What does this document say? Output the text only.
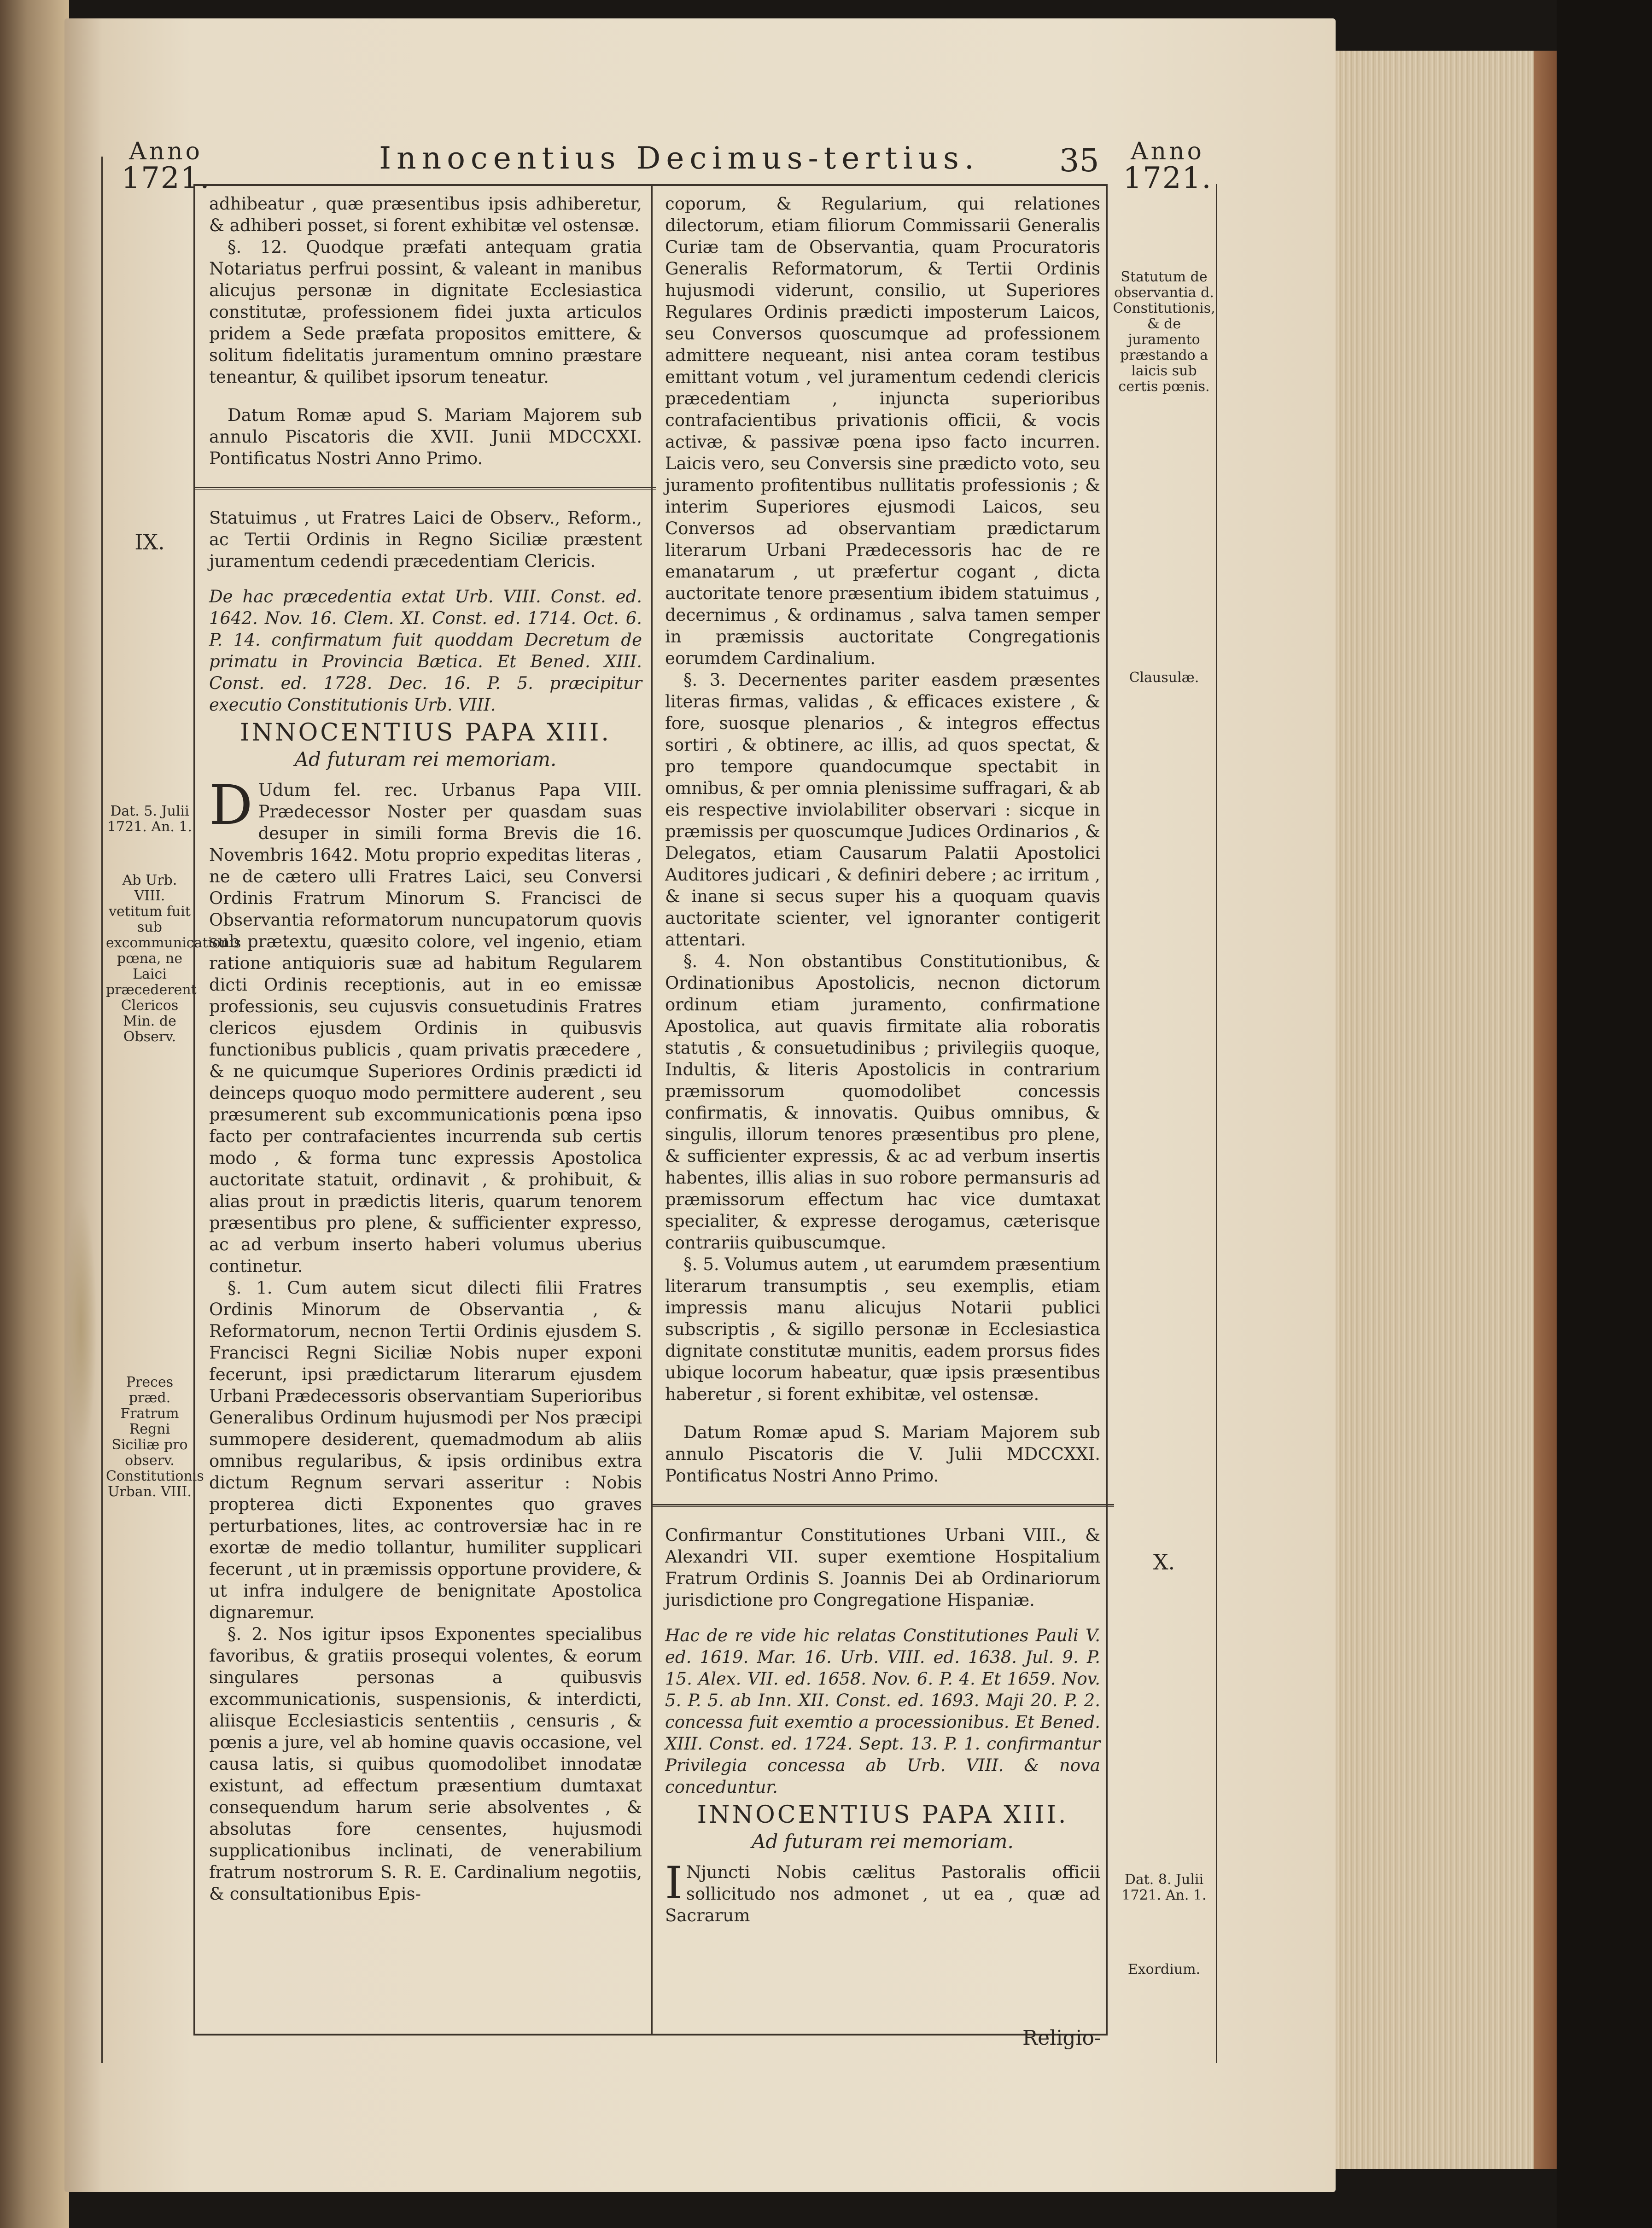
Anno
1721.
Innocentius Decimus-tertius.	35	Anno
1721.
IX.
Dat. 5. Julii 1721. An. 1.
Ab Urb. VIII. vetitum fuit sub excommunicationis pœna, ne Laici præcederent Clericos Min. de Observ.
Preces præd. Fratrum Regni Siciliæ pro observ. Constitutionis Urban. VIII.
Statutum de observantia d. Constitutionis, & de juramento præstando a laicis sub certis pœnis.
Clausulæ.
X.
Dat. 8. Julii 1721. An. 1.
Exordium.

adhibeatur , quæ præsentibus ipsis adhiberetur, & adhiberi posset, si forent exhibitæ vel ostensæ.

§. 12. Quodque præfati antequam gratia Notariatus perfrui possint, & valeant in manibus alicujus personæ in dignitate Ecclesiastica constitutæ, professionem fidei juxta articulos pridem a Sede præfata propositos emittere, & solitum fidelitatis juramentum omnino præstare teneantur, & quilibet ipsorum teneatur.

Datum Romæ apud S. Mariam Majorem sub annulo Piscatoris die XVII. Junii MDCCXXI. Pontificatus Nostri Anno Primo.

Statuimus , ut Fratres Laici de Observ., Reform., ac Tertii Ordinis in Regno Siciliæ præstent juramentum cedendi præcedentiam Clericis.

De hac præcedentia extat Urb. VIII. Const. ed. 1642. Nov. 16. Clem. XI. Const. ed. 1714. Oct. 6. P. 14. confirmatum fuit quoddam Decretum de primatu in Provincia Bætica. Et Bened. XIII. Const. ed. 1728. Dec. 16. P. 5. præcipitur executio Constitutionis Urb. VIII.

INNOCENTIUS PAPA XIII.
Ad futuram rei memoriam.

D Udum fel. rec. Urbanus Papa VIII. Prædecessor Noster per quasdam suas desuper in simili forma Brevis die 16. Novembris 1642. Motu proprio expeditas literas , ne de cætero ulli Fratres Laici, seu Conversi Ordinis Fratrum Minorum S. Francisci de Observantia reformatorum nuncupatorum quovis sub prætextu, quæsito colore, vel ingenio, etiam ratione antiquioris suæ ad habitum Regularem dicti Ordinis receptionis, aut in eo emissæ professionis, seu cujusvis consuetudinis Fratres clericos ejusdem Ordinis in quibusvis functionibus publicis , quam privatis præcedere , & ne quicumque Superiores Ordinis prædicti id deinceps quoquo modo permittere auderent , seu præsumerent sub excommunicationis pœna ipso facto per contrafacientes incurrenda sub certis modo , & forma tunc expressis Apostolica auctoritate statuit, ordinavit , & prohibuit, & alias prout in prædictis literis, quarum tenorem præsentibus pro plene, & sufficienter expresso, ac ad verbum inserto haberi volumus uberius continetur.

§. 1. Cum autem sicut dilecti filii Fratres Ordinis Minorum de Observantia , & Reformatorum, necnon Tertii Ordinis ejusdem S. Francisci Regni Siciliæ Nobis nuper exponi fecerunt, ipsi prædictarum literarum ejusdem Urbani Prædecessoris observantiam Superioribus Generalibus Ordinum hujusmodi per Nos præcipi summopere desiderent, quemadmodum ab aliis omnibus regularibus, & ipsis ordinibus extra dictum Regnum servari asseritur : Nobis propterea dicti Exponentes quo graves perturbationes, lites, ac controversiæ hac in re exortæ de medio tollantur, humiliter supplicari fecerunt , ut in præmissis opportune providere, & ut infra indulgere de benignitate Apostolica dignaremur.

§. 2. Nos igitur ipsos Exponentes specialibus favoribus, & gratiis prosequi volentes, & eorum singulares personas a quibusvis excommunicationis, suspensionis, & interdicti, aliisque Ecclesiasticis sententiis , censuris , & pœnis a jure, vel ab homine quavis occasione, vel causa latis, si quibus quomodolibet innodatæ existunt, ad effectum præsentium dumtaxat consequendum harum serie absolventes , & absolutas fore censentes, hujusmodi supplicationibus inclinati, de venerabilium fratrum nostrorum S. R. E. Cardinalium negotiis, & consultationibus Epis-

coporum, & Regularium, qui relationes dilectorum, etiam filiorum Commissarii Generalis Curiæ tam de Observantia, quam Procuratoris Generalis Reformatorum, & Tertii Ordinis hujusmodi viderunt, consilio, ut Superiores Regulares Ordinis prædicti imposterum Laicos, seu Conversos quoscumque ad professionem admittere nequeant, nisi antea coram testibus emittant votum , vel juramentum cedendi clericis præcedentiam , injuncta superioribus contrafacientibus privationis officii, & vocis activæ, & passivæ pœna ipso facto incurren. Laicis vero, seu Conversis sine prædicto voto, seu juramento profitentibus nullitatis professionis ; & interim Superiores ejusmodi Laicos, seu Conversos ad observantiam prædictarum literarum Urbani Prædecessoris hac de re emanatarum , ut præfertur cogant , dicta auctoritate tenore præsentium ibidem statuimus , decernimus , & ordinamus , salva tamen semper in præmissis auctoritate Congregationis eorumdem Cardinalium.

§. 3. Decernentes pariter easdem præsentes literas firmas, validas , & efficaces existere , & fore, suosque plenarios , & integros effectus sortiri , & obtinere, ac illis, ad quos spectat, & pro tempore quandocumque spectabit in omnibus, & per omnia plenissime suffragari, & ab eis respective inviolabiliter observari : sicque in præmissis per quoscumque Judices Ordinarios , & Delegatos, etiam Causarum Palatii Apostolici Auditores judicari , & definiri debere ; ac irritum , & inane si secus super his a quoquam quavis auctoritate scienter, vel ignoranter contigerit attentari.

§. 4. Non obstantibus Constitutionibus, & Ordinationibus Apostolicis, necnon dictorum ordinum etiam juramento, confirmatione Apostolica, aut quavis firmitate alia roboratis statutis , & consuetudinibus ; privilegiis quoque, Indultis, & literis Apostolicis in contrarium præmissorum quomodolibet concessis confirmatis, & innovatis. Quibus omnibus, & singulis, illorum tenores præsentibus pro plene, & sufficienter expressis, & ac ad verbum insertis habentes, illis alias in suo robore permansuris ad præmissorum effectum hac vice dumtaxat specialiter, & expresse derogamus, cæterisque contrariis quibuscumque.

§. 5. Volumus autem , ut earumdem præsentium literarum transumptis , seu exemplis, etiam impressis manu alicujus Notarii publici subscriptis , & sigillo personæ in Ecclesiastica dignitate constitutæ munitis, eadem prorsus fides ubique locorum habeatur, quæ ipsis præsentibus haberetur , si forent exhibitæ, vel ostensæ.

Datum Romæ apud S. Mariam Majorem sub annulo Piscatoris die V. Julii MDCCXXI. Pontificatus Nostri Anno Primo.

Confirmantur Constitutiones Urbani VIII., & Alexandri VII. super exemtione Hospitalium Fratrum Ordinis S. Joannis Dei ab Ordinariorum jurisdictione pro Congregatione Hispaniæ.

Hac de re vide hic relatas Constitutiones Pauli V. ed. 1619. Mar. 16. Urb. VIII. ed. 1638. Jul. 9. P. 15. Alex. VII. ed. 1658. Nov. 6. P. 4. Et 1659. Nov. 5. P. 5. ab Inn. XII. Const. ed. 1693. Maji 20. P. 2. concessa fuit exemtio a processionibus. Et Bened. XIII. Const. ed. 1724. Sept. 13. P. 1. confirmantur Privilegia concessa ab Urb. VIII. & nova conceduntur.

INNOCENTIUS PAPA XIII.
Ad futuram rei memoriam.

I Njuncti Nobis cælitus Pastoralis officii sollicitudo nos admonet , ut ea , quæ ad Sacrarum

Religio-
